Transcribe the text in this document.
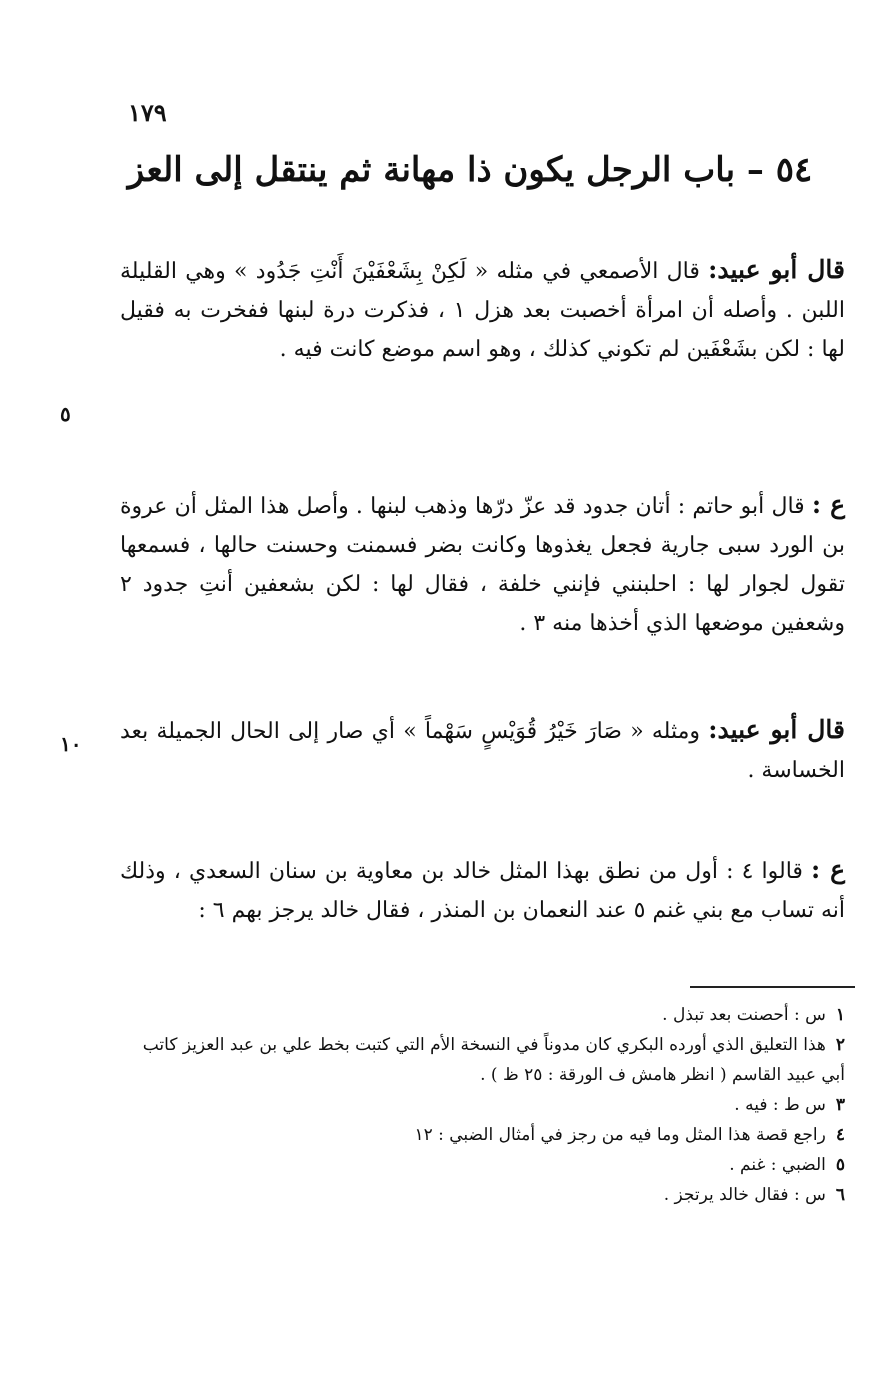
١٧٩
٥٤ – باب الرجل يكون ذا مهانة ثم ينتقل إلى العز
قال أبو عبيد: قال الأصمعي في مثله « لَكِنْ بِشَعْفَيْنَ أَنْتِ جَدُود » وهي القليلة اللبن . وأصله أن امرأة أخصبت بعد هزل ١ ، فذكرت درة لبنها ففخرت به فقيل لها : لكن بشَعْفَين لم تكوني كذلك ، وهو اسم موضع كانت فيه .
٥
ع : قال أبو حاتم : أتان جدود قد عزّ درّها وذهب لبنها . وأصل هذا المثل أن عروة بن الورد سبى جارية فجعل يغذوها وكانت بضر فسمنت وحسنت حالها ، فسمعها تقول لجوار لها : احلبنني فإنني خلفة ، فقال لها : لكن بشعفين أنتِ جدود ٢ وشعفين موضعها الذي أخذها منه ٣ .
قال أبو عبيد: ومثله « صَارَ خَيْرُ قُوَيْسٍ سَهْماً » أي صار إلى الحال الجميلة بعد الخساسة .
١٠
ع : قالوا ٤ : أول من نطق بهذا المثل خالد بن معاوية بن سنان السعدي ، وذلك أنه تساب مع بني غنم ٥ عند النعمان بن المنذر ، فقال خالد يرجز بهم ٦ :

١س : أحصنت بعد تبذل .

٢هذا التعليق الذي أورده البكري كان مدوناً في النسخة الأم التي كتبت بخط علي بن عبد العزيز كاتب أبي عبيد القاسم ( انظر هامش ف الورقة : ٢٥ ظ ) .

٣س ط : فيه .

٤راجع قصة هذا المثل وما فيه من رجز في أمثال الضبي : ١٢

٥الضبي : غنم .

٦س : فقال خالد يرتجز .
